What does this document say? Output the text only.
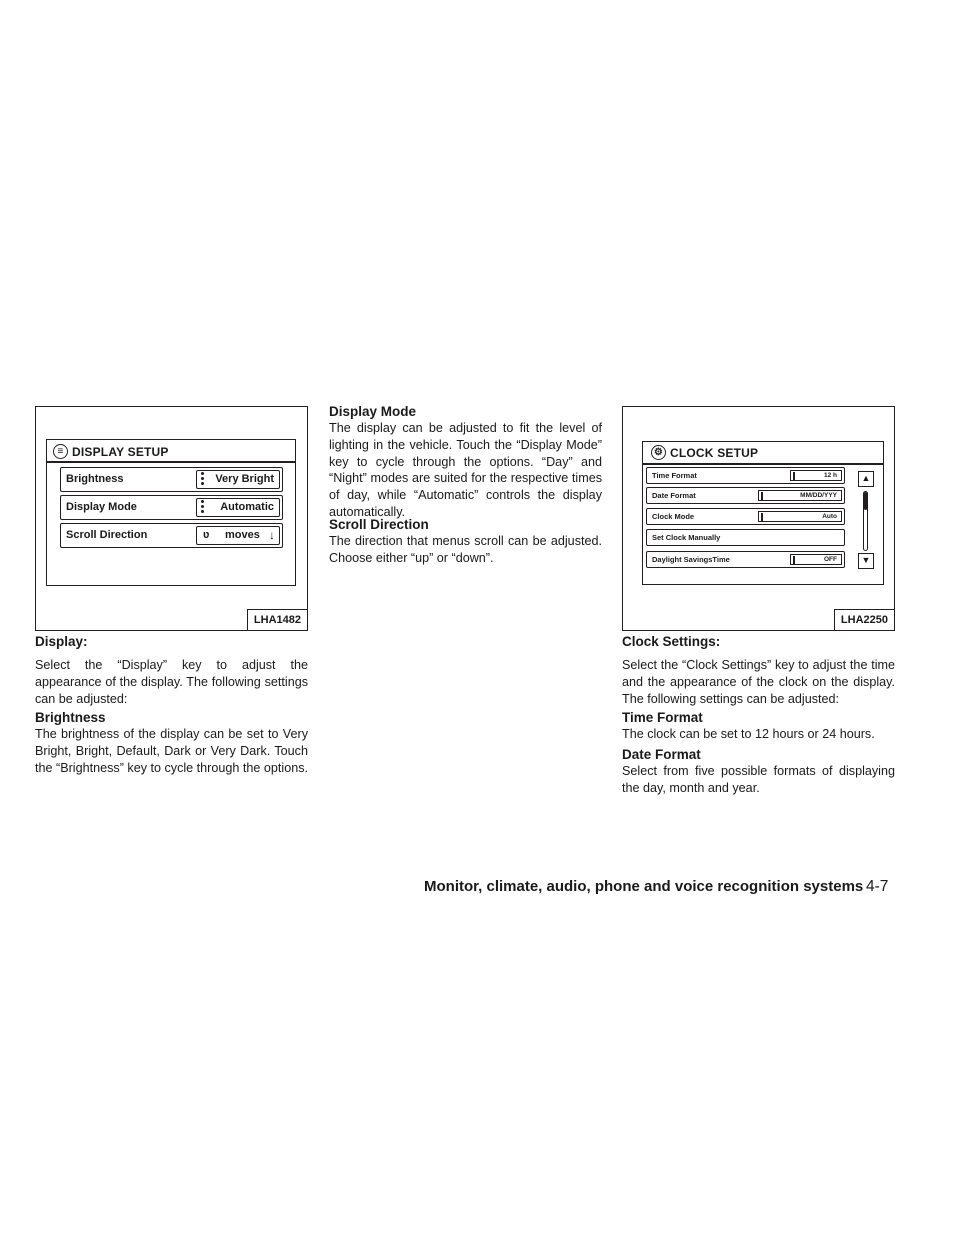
≡ DISPLAY SETUP
Brightness	Very Bright
Display Mode	Automatic
Scroll Direction	ʋ moves ↓
LHA1482
Display:
Select the “Display” key to adjust the appearance of the display. The following settings can be adjusted:
Brightness
The brightness of the display can be set to Very Bright, Bright, Default, Dark or Very Dark. Touch the “Brightness” key to cycle through the options.
Display Mode
The display can be adjusted to fit the level of lighting in the vehicle. Touch the “Display Mode” key to cycle through the options. “Day” and “Night” modes are suited for the respective times of day, while “Automatic” controls the display automatically.
Scroll Direction
The direction that menus scroll can be adjusted. Choose either “up” or “down”.
⚙ CLOCK SETUP
Time Format	12 h
Date Format	MM/DD/YYY
Clock Mode	Auto
Set Clock Manually
Daylight SavingsTime	OFF
▲
▼
LHA2250
Clock Settings:
Select the “Clock Settings” key to adjust the time and the appearance of the clock on the display. The following settings can be adjusted:
Time Format
The clock can be set to 12 hours or 24 hours.
Date Format
Select from five possible formats of displaying the day, month and year.
Monitor, climate, audio, phone and voice recognition systems 4-7
